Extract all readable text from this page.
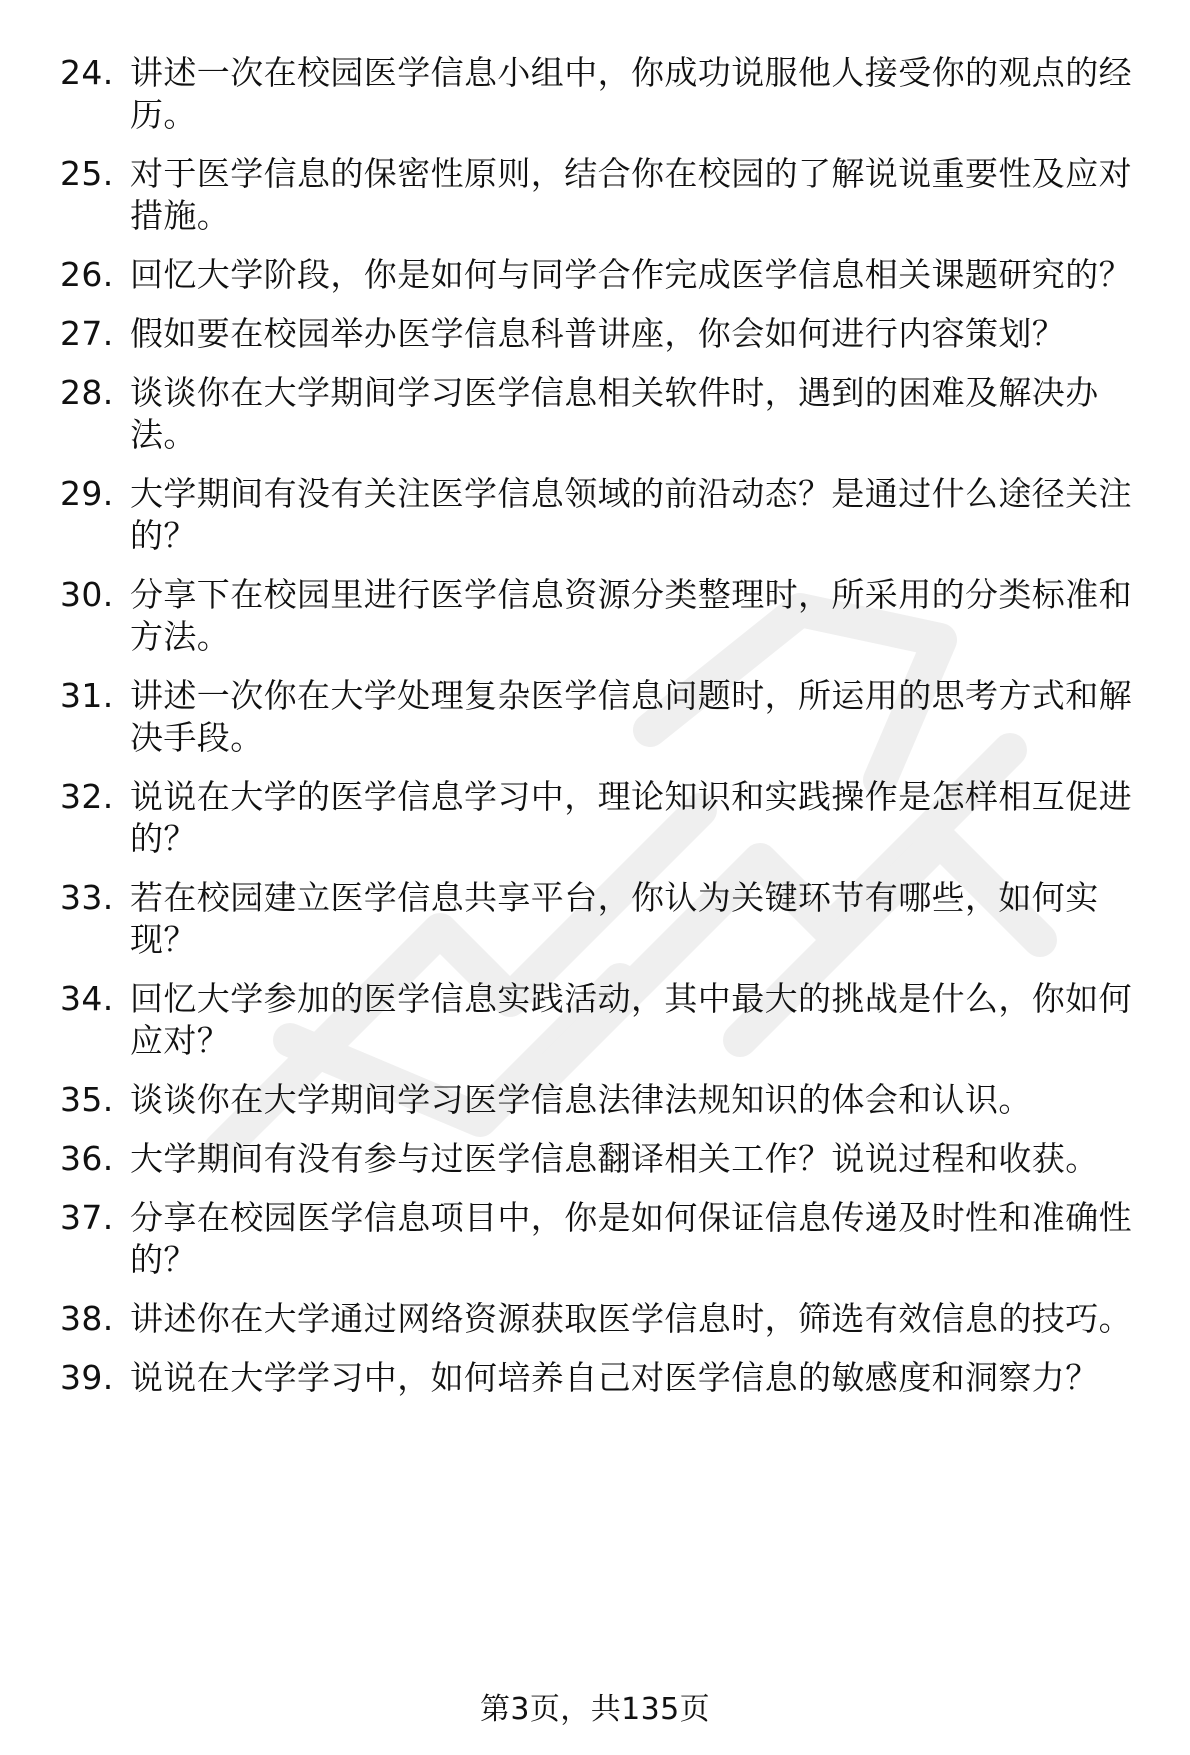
24. 讲述一次在校园医学信息小组中，你成功说服他人接受你的观点的经历。
25. 对于医学信息的保密性原则，结合你在校园的了解说说重要性及应对措施。
26. 回忆大学阶段，你是如何与同学合作完成医学信息相关课题研究的？
27. 假如要在校园举办医学信息科普讲座，你会如何进行内容策划？
28. 谈谈你在大学期间学习医学信息相关软件时，遇到的困难及解决办法。
29. 大学期间有没有关注医学信息领域的前沿动态？是通过什么途径关注的？
30. 分享下在校园里进行医学信息资源分类整理时，所采用的分类标准和方法。
31. 讲述一次你在大学处理复杂医学信息问题时，所运用的思考方式和解决手段。
32. 说说在大学的医学信息学习中，理论知识和实践操作是怎样相互促进的？
33. 若在校园建立医学信息共享平台，你认为关键环节有哪些，如何实现？
34. 回忆大学参加的医学信息实践活动，其中最大的挑战是什么，你如何应对？
35. 谈谈你在大学期间学习医学信息法律法规知识的体会和认识。
36. 大学期间有没有参与过医学信息翻译相关工作？说说过程和收获。
37. 分享在校园医学信息项目中，你是如何保证信息传递及时性和准确性的？
38. 讲述你在大学通过网络资源获取医学信息时，筛选有效信息的技巧。
39. 说说在大学学习中，如何培养自己对医学信息的敏感度和洞察力？
第3页，共135页
